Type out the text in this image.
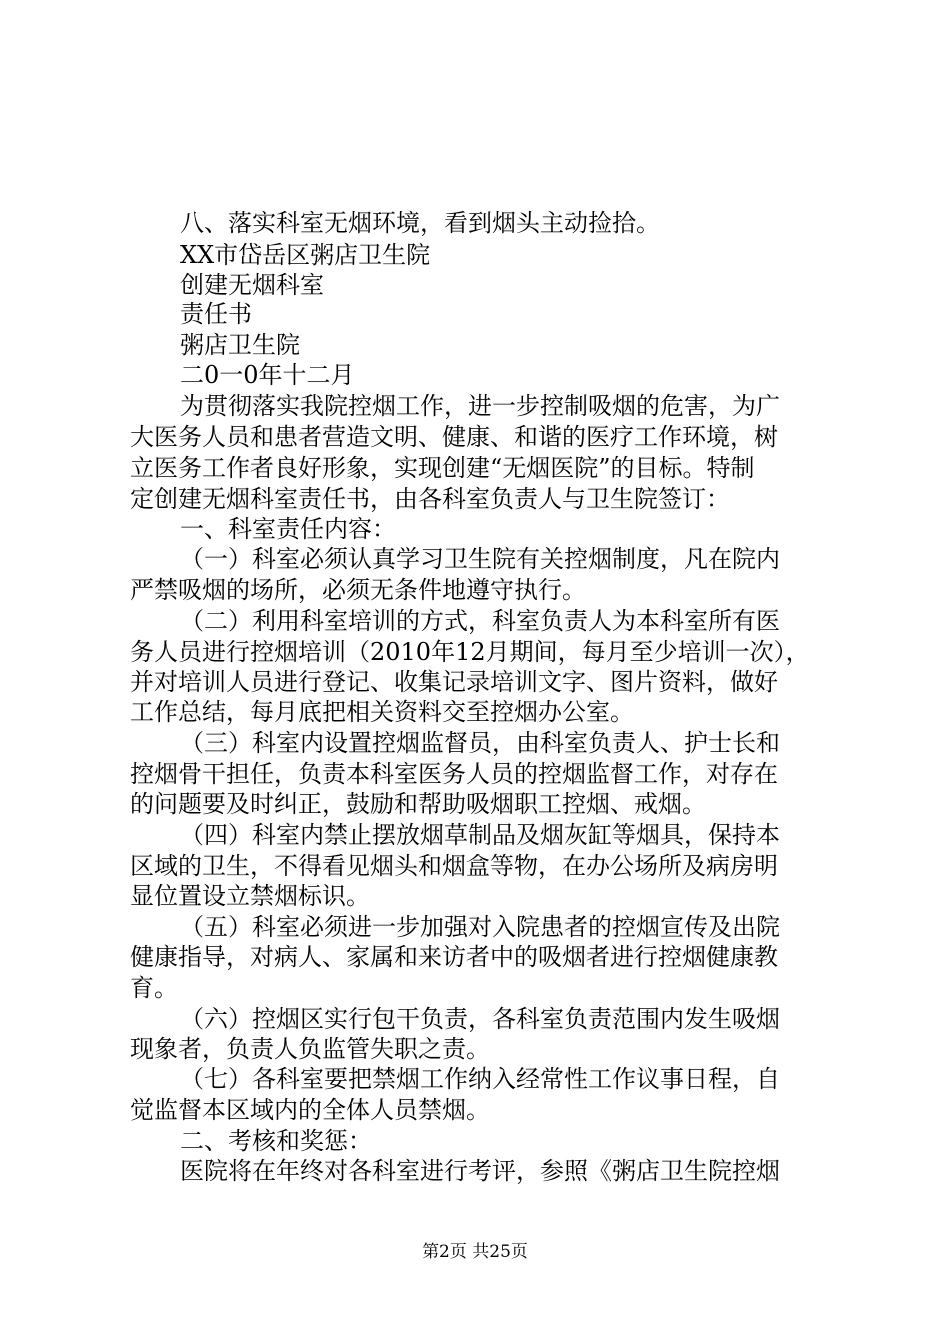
八、落实科室无烟环境，看到烟头主动捡拾。
XX市岱岳区粥店卫生院
创建无烟科室
责任书
粥店卫生院
二0一0年十二月
为贯彻落实我院控烟工作，进一步控制吸烟的危害，为广
大医务人员和患者营造文明、健康、和谐的医疗工作环境，树
立医务工作者良好形象，实现创建“无烟医院”的目标。特制
定创建无烟科室责任书，由各科室负责人与卫生院签订：
一、科室责任内容：
（一）科室必须认真学习卫生院有关控烟制度，凡在院内
严禁吸烟的场所，必须无条件地遵守执行。
（二）利用科室培训的方式，科室负责人为本科室所有医
务人员进行控烟培训（2010年12月期间，每月至少培训一次），
并对培训人员进行登记、收集记录培训文字、图片资料，做好
工作总结，每月底把相关资料交至控烟办公室。
（三）科室内设置控烟监督员，由科室负责人、护士长和
控烟骨干担任，负责本科室医务人员的控烟监督工作，对存在
的问题要及时纠正，鼓励和帮助吸烟职工控烟、戒烟。
（四）科室内禁止摆放烟草制品及烟灰缸等烟具，保持本
区域的卫生，不得看见烟头和烟盒等物，在办公场所及病房明
显位置设立禁烟标识。
（五）科室必须进一步加强对入院患者的控烟宣传及出院
健康指导，对病人、家属和来访者中的吸烟者进行控烟健康教
育。
（六）控烟区实行包干负责，各科室负责范围内发生吸烟
现象者，负责人负监管失职之责。
（七）各科室要把禁烟工作纳入经常性工作议事日程，自
觉监督本区域内的全体人员禁烟。
二、考核和奖惩：
医院将在年终对各科室进行考评，参照《粥店卫生院控烟
第2页 共25页
